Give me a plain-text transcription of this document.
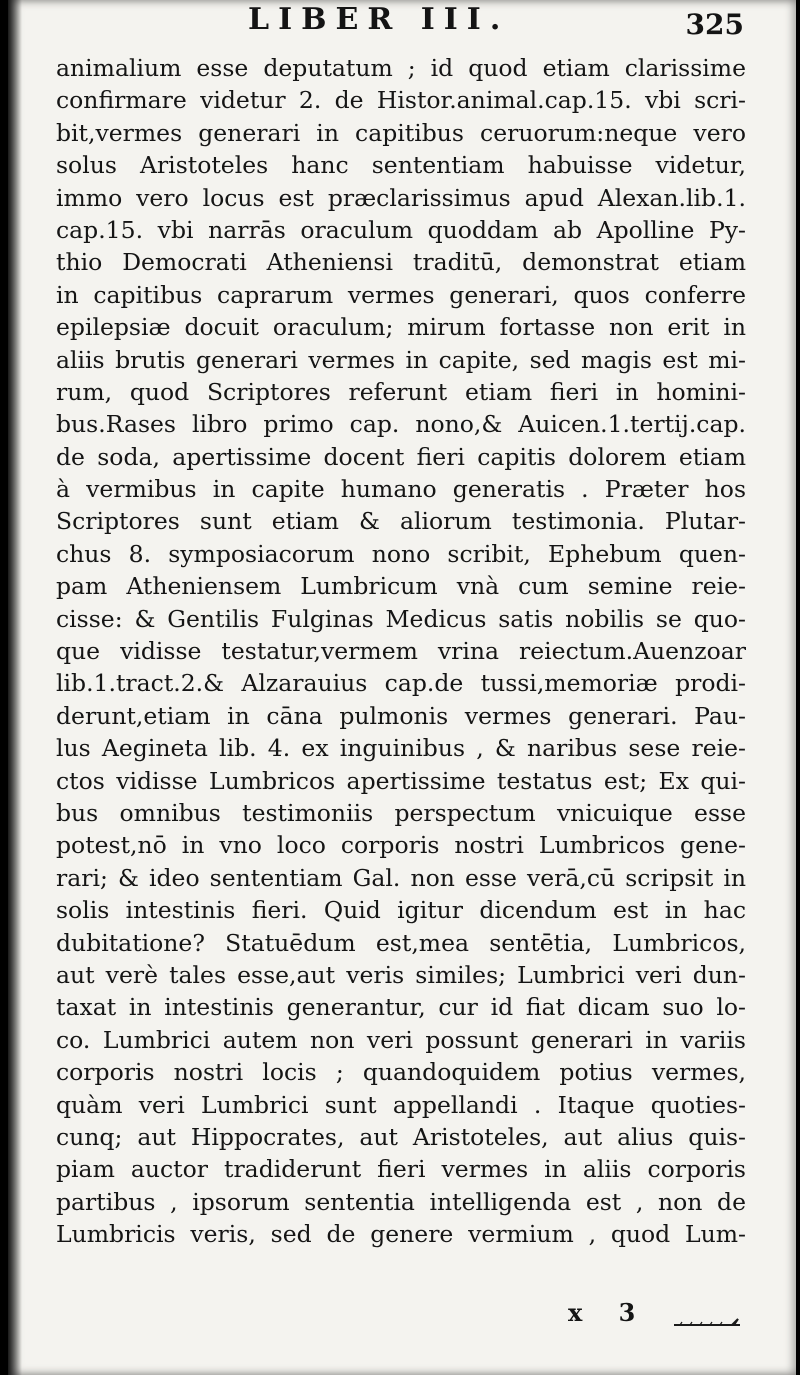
LIBER III.	325
animalium esse deputatum ; id quod etiam clarissime
confirmare videtur 2. de Histor.animal.cap.15. vbi scri-
bit,vermes generari in capitibus ceruorum:neque vero
solus Aristoteles hanc sententiam habuisse videtur,
immo vero locus est præclarissimus apud Alexan.lib.1.
cap.15. vbi narrās oraculum quoddam ab Apolline Py-
thio Democrati Atheniensi traditū, demonstrat etiam
in capitibus caprarum vermes generari, quos conferre
epilepsiæ docuit oraculum; mirum fortasse non erit in
aliis brutis generari vermes in capite, sed magis est mi-
rum, quod Scriptores referunt etiam fieri in homini-
bus.Rases libro primo cap. nono,& Auicen.1.tertij.cap.
de soda, apertissime docent fieri capitis dolorem etiam
à vermibus in capite humano generatis . Præter hos
Scriptores sunt etiam & aliorum testimonia. Plutar-
chus 8. symposiacorum nono scribit, Ephebum quen-
pam Atheniensem Lumbricum vnà cum semine reie-
cisse: & Gentilis Fulginas Medicus satis nobilis se quo-
que vidisse testatur,vermem vrina reiectum.Auenzoar
lib.1.tract.2.& Alzarauius cap.de tussi,memoriæ prodi-
derunt,etiam in cāna pulmonis vermes generari. Pau-
lus Aegineta lib. 4. ex inguinibus , & naribus sese reie-
ctos vidisse Lumbricos apertissime testatus est; Ex qui-
bus omnibus testimoniis perspectum vnicuique esse
potest,nō in vno loco corporis nostri Lumbricos gene-
rari; & ideo sententiam Gal. non esse verā,cū scripsit in
solis intestinis fieri. Quid igitur dicendum est in hac
dubitatione? Statuēdum est,mea sentētia, Lumbricos,
aut verè tales esse,aut veris similes; Lumbrici veri dun-
taxat in intestinis generantur, cur id fiat dicam suo lo-
co. Lumbrici autem non veri possunt generari in variis
corporis nostri locis ; quandoquidem potius vermes,
quàm veri Lumbrici sunt appellandi . Itaque quoties-
cunq; aut Hippocrates, aut Aristoteles, aut alius quis-
piam auctor tradiderunt fieri vermes in aliis corporis
partibus , ipsorum sententia intelligenda est , non de
Lumbricis veris, sed de genere vermium , quod Lum-
x 3
